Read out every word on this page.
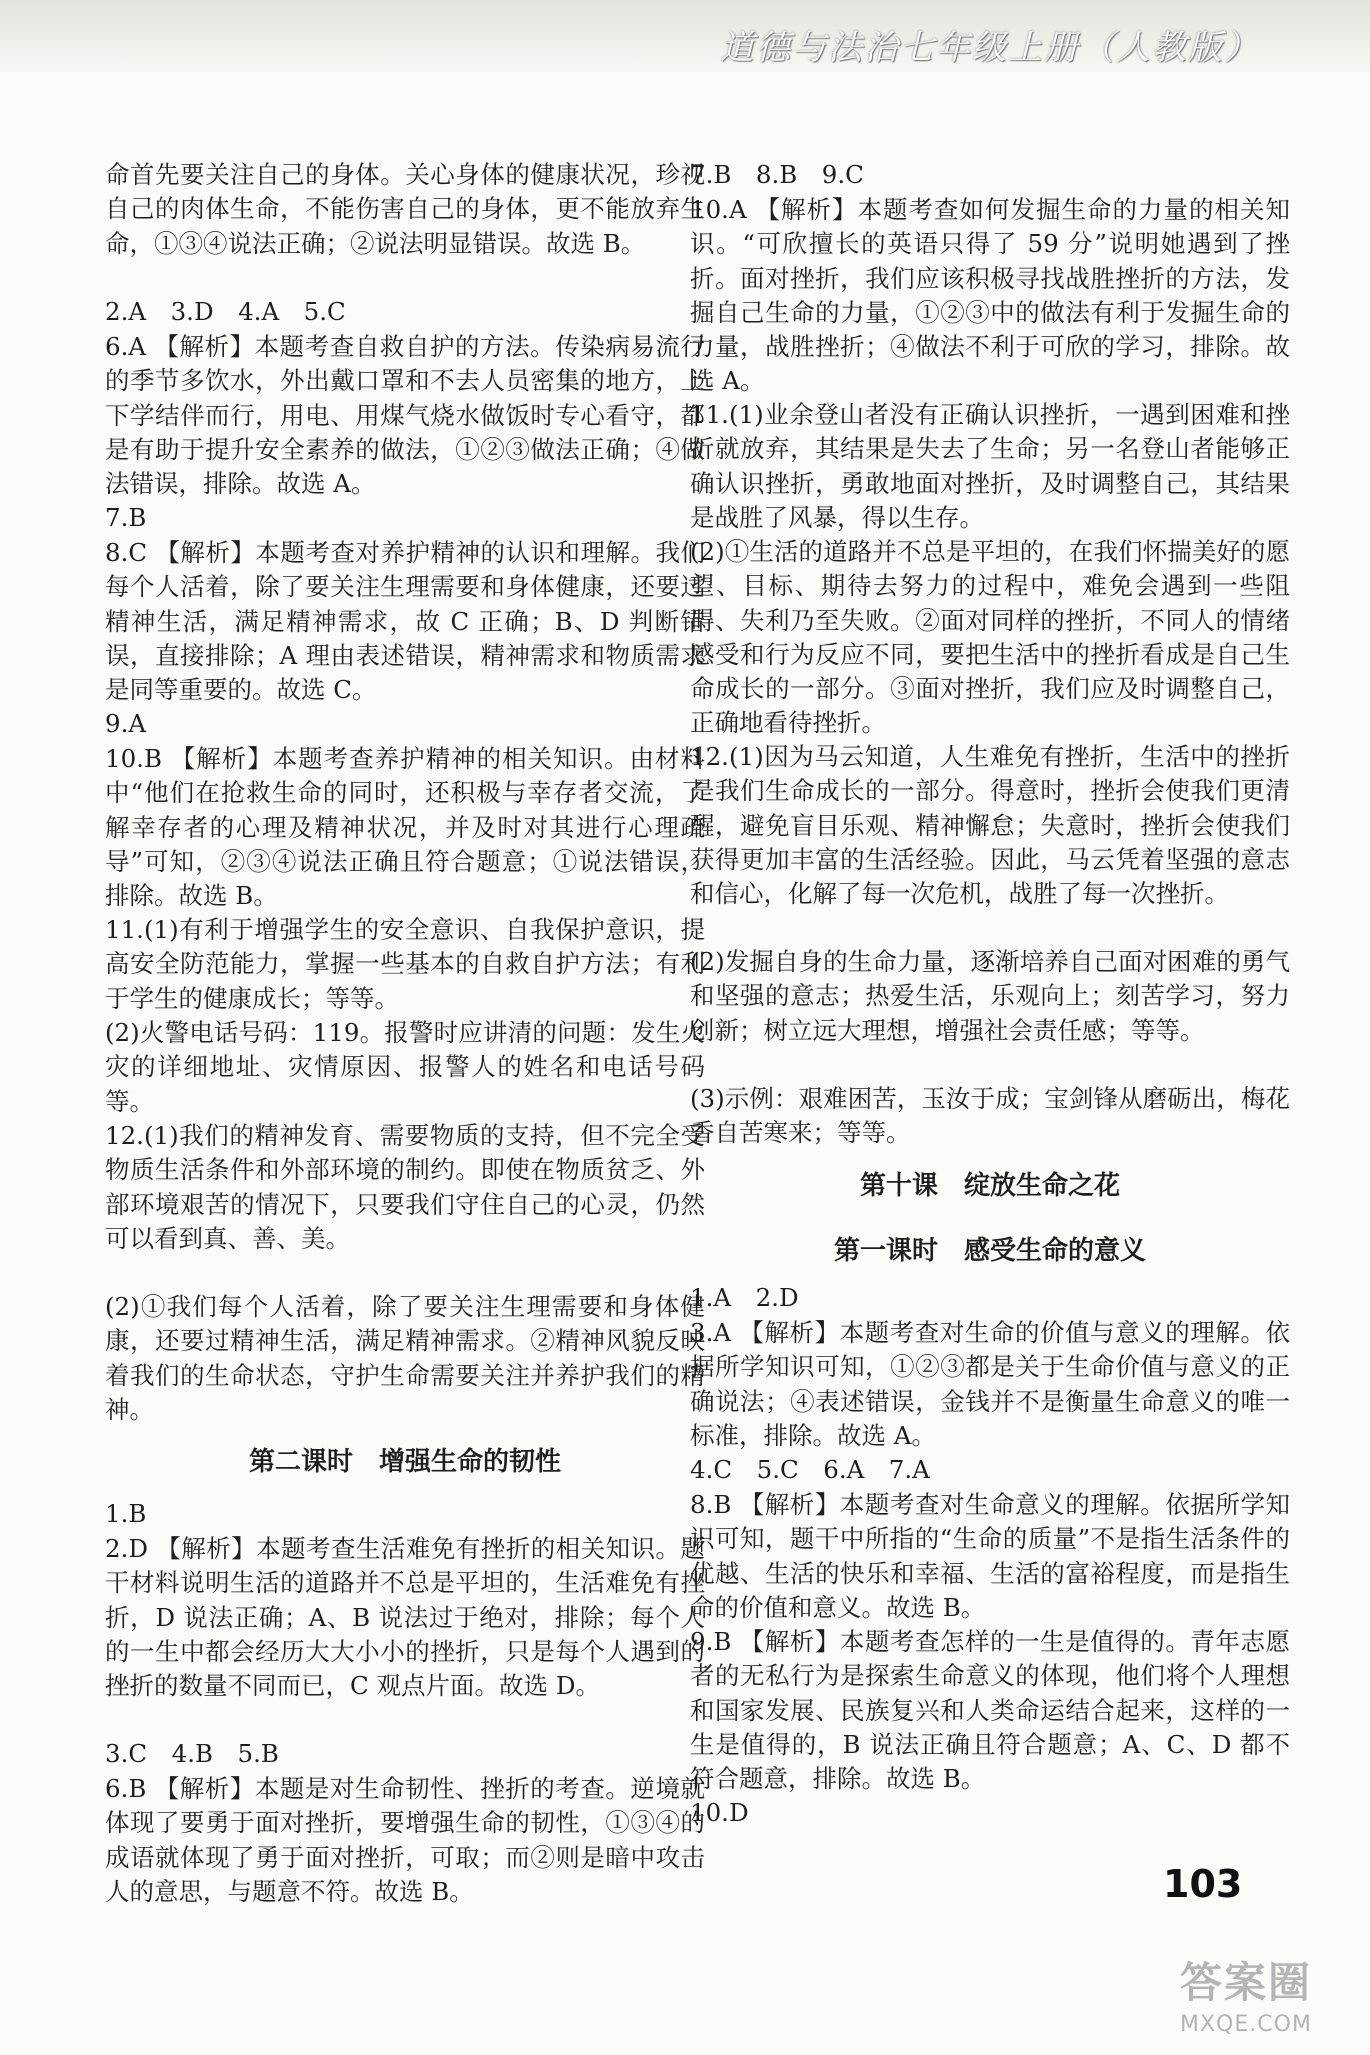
道德与法治七年级上册（人教版）

命首先要关注自己的身体。关心身体的健康状况，珍视自己的肉体生命，不能伤害自己的身体，更不能放弃生命，①③④说法正确；②说法明显错误。故选 B。

2.A　3.D　4.A　5.C

6.A 【解析】本题考查自救自护的方法。传染病易流行的季节多饮水，外出戴口罩和不去人员密集的地方，上下学结伴而行，用电、用煤气烧水做饭时专心看守，都是有助于提升安全素养的做法，①②③做法正确；④做法错误，排除。故选 A。

7.B

8.C 【解析】本题考查对养护精神的认识和理解。我们每个人活着，除了要关注生理需要和身体健康，还要过精神生活，满足精神需求，故 C 正确；B、D 判断错误，直接排除；A 理由表述错误，精神需求和物质需求是同等重要的。故选 C。

9.A

10.B 【解析】本题考查养护精神的相关知识。由材料中“他们在抢救生命的同时，还积极与幸存者交流，了解幸存者的心理及精神状况，并及时对其进行心理疏导”可知，②③④说法正确且符合题意；①说法错误，排除。故选 B。

11.(1)有利于增强学生的安全意识、自我保护意识，提高安全防范能力，掌握一些基本的自救自护方法；有利于学生的健康成长；等等。

(2)火警电话号码：119。报警时应讲清的问题：发生火灾的详细地址、灾情原因、报警人的姓名和电话号码等。

12.(1)我们的精神发育、需要物质的支持，但不完全受物质生活条件和外部环境的制约。即使在物质贫乏、外部环境艰苦的情况下，只要我们守住自己的心灵，仍然可以看到真、善、美。

(2)①我们每个人活着，除了要关注生理需要和身体健康，还要过精神生活，满足精神需求。②精神风貌反映着我们的生命状态，守护生命需要关注并养护我们的精神。

第二课时　增强生命的韧性

1.B

2.D 【解析】本题考查生活难免有挫折的相关知识。题干材料说明生活的道路并不总是平坦的，生活难免有挫折，D 说法正确；A、B 说法过于绝对，排除；每个人的一生中都会经历大大小小的挫折，只是每个人遇到的挫折的数量不同而已，C 观点片面。故选 D。

3.C　4.B　5.B

6.B 【解析】本题是对生命韧性、挫折的考查。逆境就体现了要勇于面对挫折，要增强生命的韧性，①③④的成语就体现了勇于面对挫折，可取；而②则是暗中攻击人的意思，与题意不符。故选 B。

7.B　8.B　9.C

10.A 【解析】本题考查如何发掘生命的力量的相关知识。“可欣擅长的英语只得了 59 分”说明她遇到了挫折。面对挫折，我们应该积极寻找战胜挫折的方法，发掘自己生命的力量，①②③中的做法有利于发掘生命的力量，战胜挫折；④做法不利于可欣的学习，排除。故选 A。

11.(1)业余登山者没有正确认识挫折，一遇到困难和挫折就放弃，其结果是失去了生命；另一名登山者能够正确认识挫折，勇敢地面对挫折，及时调整自己，其结果是战胜了风暴，得以生存。

(2)①生活的道路并不总是平坦的，在我们怀揣美好的愿望、目标、期待去努力的过程中，难免会遇到一些阻碍、失利乃至失败。②面对同样的挫折，不同人的情绪感受和行为反应不同，要把生活中的挫折看成是自己生命成长的一部分。③面对挫折，我们应及时调整自己，正确地看待挫折。

12.(1)因为马云知道，人生难免有挫折，生活中的挫折是我们生命成长的一部分。得意时，挫折会使我们更清醒，避免盲目乐观、精神懈怠；失意时，挫折会使我们获得更加丰富的生活经验。因此，马云凭着坚强的意志和信心，化解了每一次危机，战胜了每一次挫折。

(2)发掘自身的生命力量，逐渐培养自己面对困难的勇气和坚强的意志；热爱生活，乐观向上；刻苦学习，努力创新；树立远大理想，增强社会责任感；等等。

(3)示例：艰难困苦，玉汝于成；宝剑锋从磨砺出，梅花香自苦寒来；等等。

第十课　绽放生命之花
第一课时　感受生命的意义

1.A　2.D

3.A 【解析】本题考查对生命的价值与意义的理解。依据所学知识可知，①②③都是关于生命价值与意义的正确说法；④表述错误，金钱并不是衡量生命意义的唯一标准，排除。故选 A。

4.C　5.C　6.A　7.A

8.B 【解析】本题考查对生命意义的理解。依据所学知识可知，题干中所指的“生命的质量”不是指生活条件的优越、生活的快乐和幸福、生活的富裕程度，而是指生命的价值和意义。故选 B。

9.B 【解析】本题考查怎样的一生是值得的。青年志愿者的无私行为是探索生命意义的体现，他们将个人理想和国家发展、民族复兴和人类命运结合起来，这样的一生是值得的，B 说法正确且符合题意；A、C、D 都不符合题意，排除。故选 B。

10.D

103
答案圈
MXQE.COM
